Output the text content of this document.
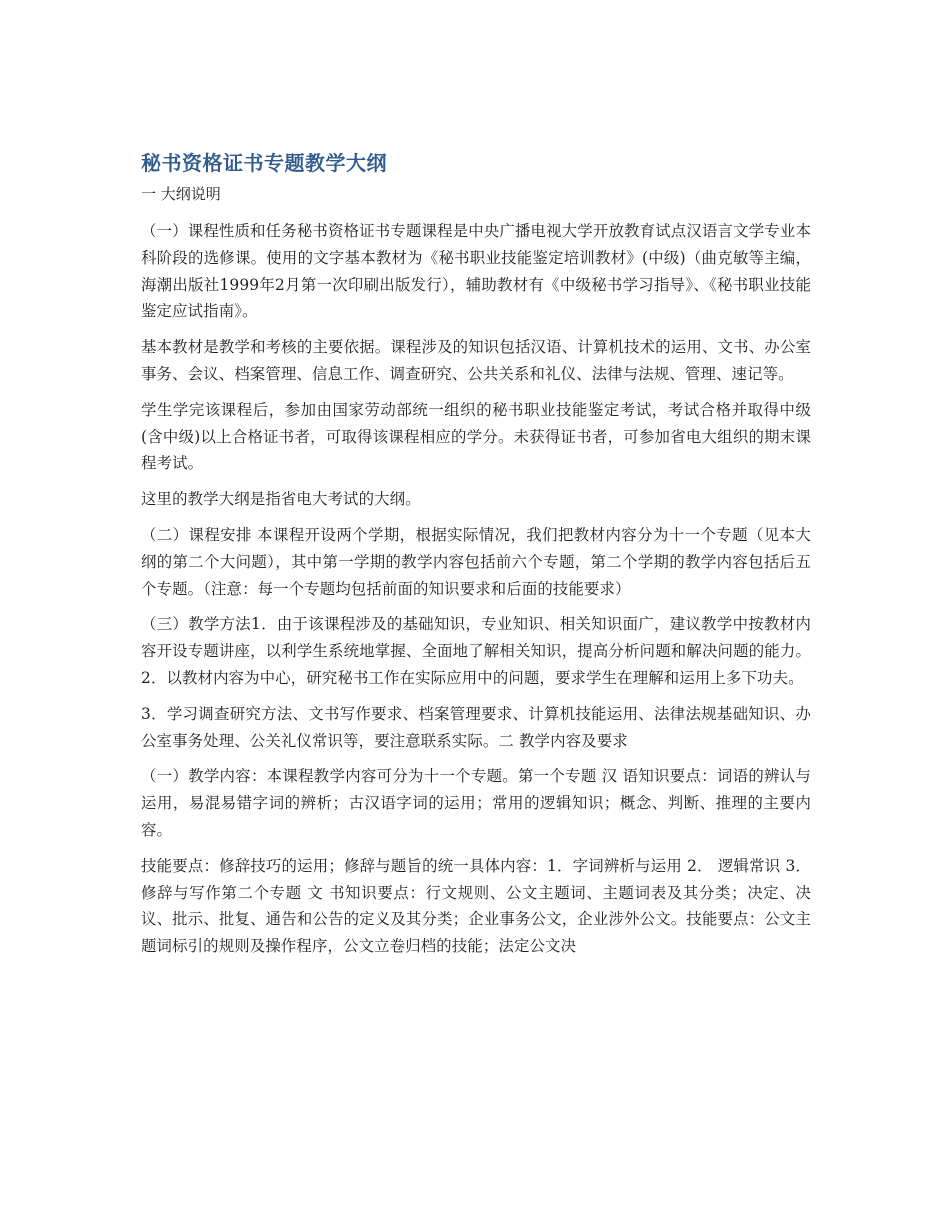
秘书资格证书专题教学大纲
一 大纲说明

（一）课程性质和任务秘书资格证书专题课程是中央广播电视大学开放教育试点汉语言文学专业本科阶段的选修课。使用的文字基本教材为《秘书职业技能鉴定培训教材》(中级)（曲克敏等主编，海潮出版社1999年2月第一次印刷出版发行），辅助教材有《中级秘书学习指导》、《秘书职业技能鉴定应试指南》。

基本教材是教学和考核的主要依据。课程涉及的知识包括汉语、计算机技术的运用、文书、办公室事务、会议、档案管理、信息工作、调查研究、公共关系和礼仪、法律与法规、管理、速记等。

学生学完该课程后，参加由国家劳动部统一组织的秘书职业技能鉴定考试，考试合格并取得中级(含中级)以上合格证书者，可取得该课程相应的学分。未获得证书者，可参加省电大组织的期末课程考试。

这里的教学大纲是指省电大考试的大纲。

（二）课程安排 本课程开设两个学期，根据实际情况，我们把教材内容分为十一个专题（见本大纲的第二个大问题），其中第一学期的教学内容包括前六个专题，第二个学期的教学内容包括后五个专题。（注意：每一个专题均包括前面的知识要求和后面的技能要求）

（三）教学方法1．由于该课程涉及的基础知识，专业知识、相关知识面广，建议教学中按教材内容开设专题讲座，以利学生系统地掌握、全面地了解相关知识，提高分析问题和解决问题的能力。2．以教材内容为中心，研究秘书工作在实际应用中的问题，要求学生在理解和运用上多下功夫。

3．学习调查研究方法、文书写作要求、档案管理要求、计算机技能运用、法律法规基础知识、办公室事务处理、公关礼仪常识等，要注意联系实际。二 教学内容及要求

（一）教学内容：本课程教学内容可分为十一个专题。第一个专题 汉 语知识要点：词语的辨认与运用，易混易错字词的辨析；古汉语字词的运用；常用的逻辑知识；概念、判断、推理的主要内容。

技能要点：修辞技巧的运用；修辞与题旨的统一具体内容：1．字词辨析与运用 2． 逻辑常识 3．修辞与写作第二个专题 文 书知识要点：行文规则、公文主题词、主题词表及其分类；决定、决议、批示、批复、通告和公告的定义及其分类；企业事务公文，企业涉外公文。技能要点：公文主题词标引的规则及操作程序，公文立卷归档的技能；法定公文决
